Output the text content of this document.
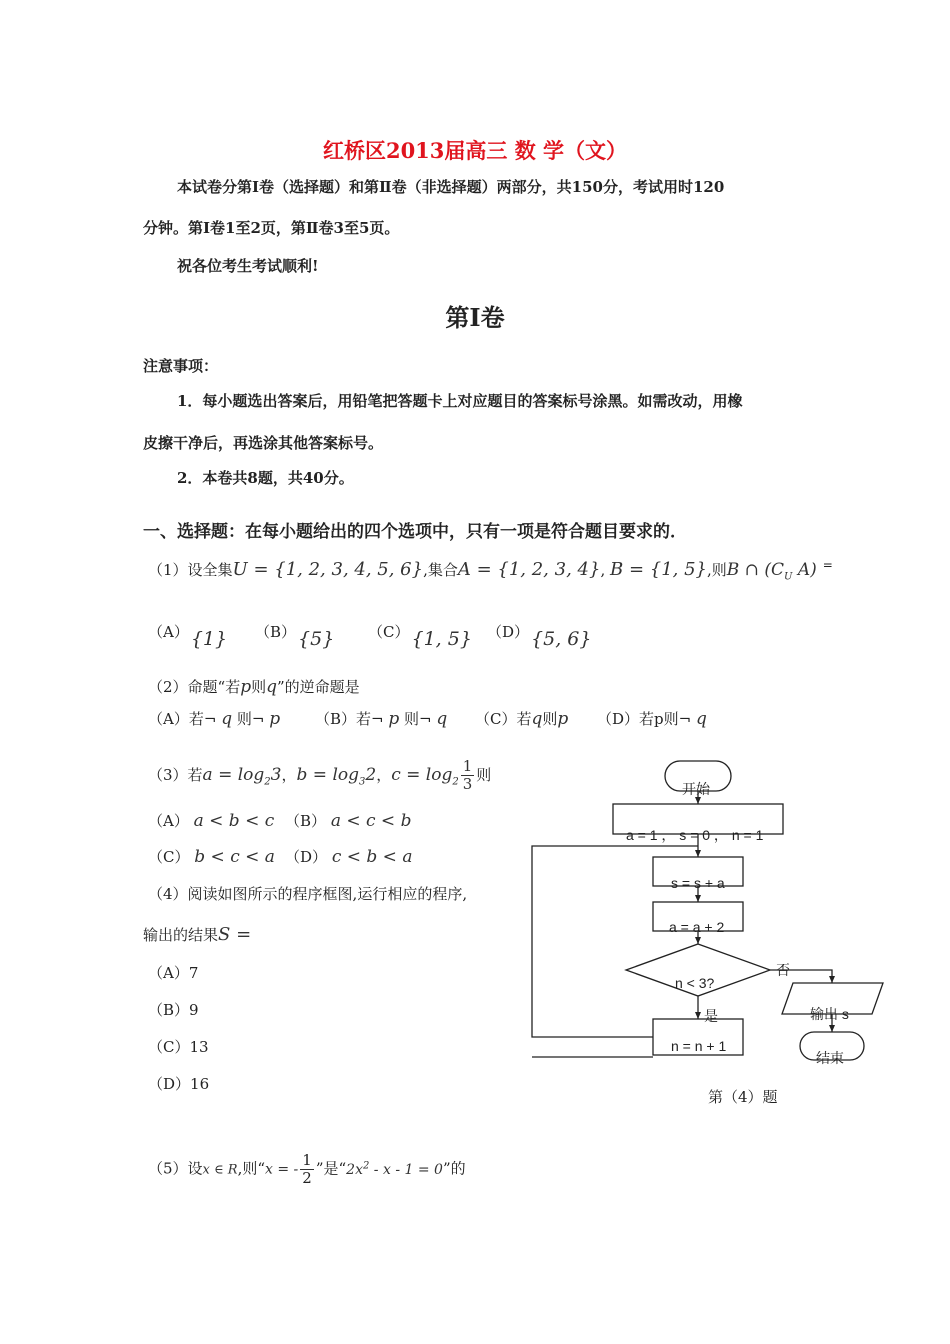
红桥区2013届高三 数 学（文）
本试卷分第Ⅰ卷（选择题）和第Ⅱ卷（非选择题）两部分，共150分，考试用时120
分钟。第Ⅰ卷1至2页，第Ⅱ卷3至5页。
祝各位考生考试顺利!
第Ⅰ卷
注意事项：
1．每小题选出答案后，用铅笔把答题卡上对应题目的答案标号涂黑。如需改动，用橡
皮擦干净后，再选涂其他答案标号。
2．本卷共8题，共40分。
一、选择题：在每小题给出的四个选项中，只有一项是符合题目要求的．
（1）设全集U = {1, 2, 3, 4, 5, 6},集合A = {1, 2, 3, 4}, B = {1, 5},则B ∩ ($C_U$ A) =
（A） {1} （B） {5} （C） {1, 5} （D） {5, 6}
（2）命题“若p则q”的逆命题是
（A）若¬ q 则¬ p （B）若¬ p 则¬ q （C）若q则p （D）若p则¬ q
（3）若$a = \log_23$，$b = \log_32$，$c = \log_2 \frac{1}{3}$ 则
（A） a < b < c （B） a < c < b
（C） b < c < a （D） c < b < a
（4）阅读如图所示的程序框图,运行相应的程序,
输出的结果S =
（A）7
（B）9
（C）13
（D）16
开始
a = 1 ， s = 0 ， n = 1
s = s + a
a = a + 2
n < 3?
否
是	输出 s
n = n + 1
结束
第（4）题
（5）设x ∈ R,则“x = - $\frac{1}{2}$ ”是“$2x^2 - x - 1 = 0$”的
